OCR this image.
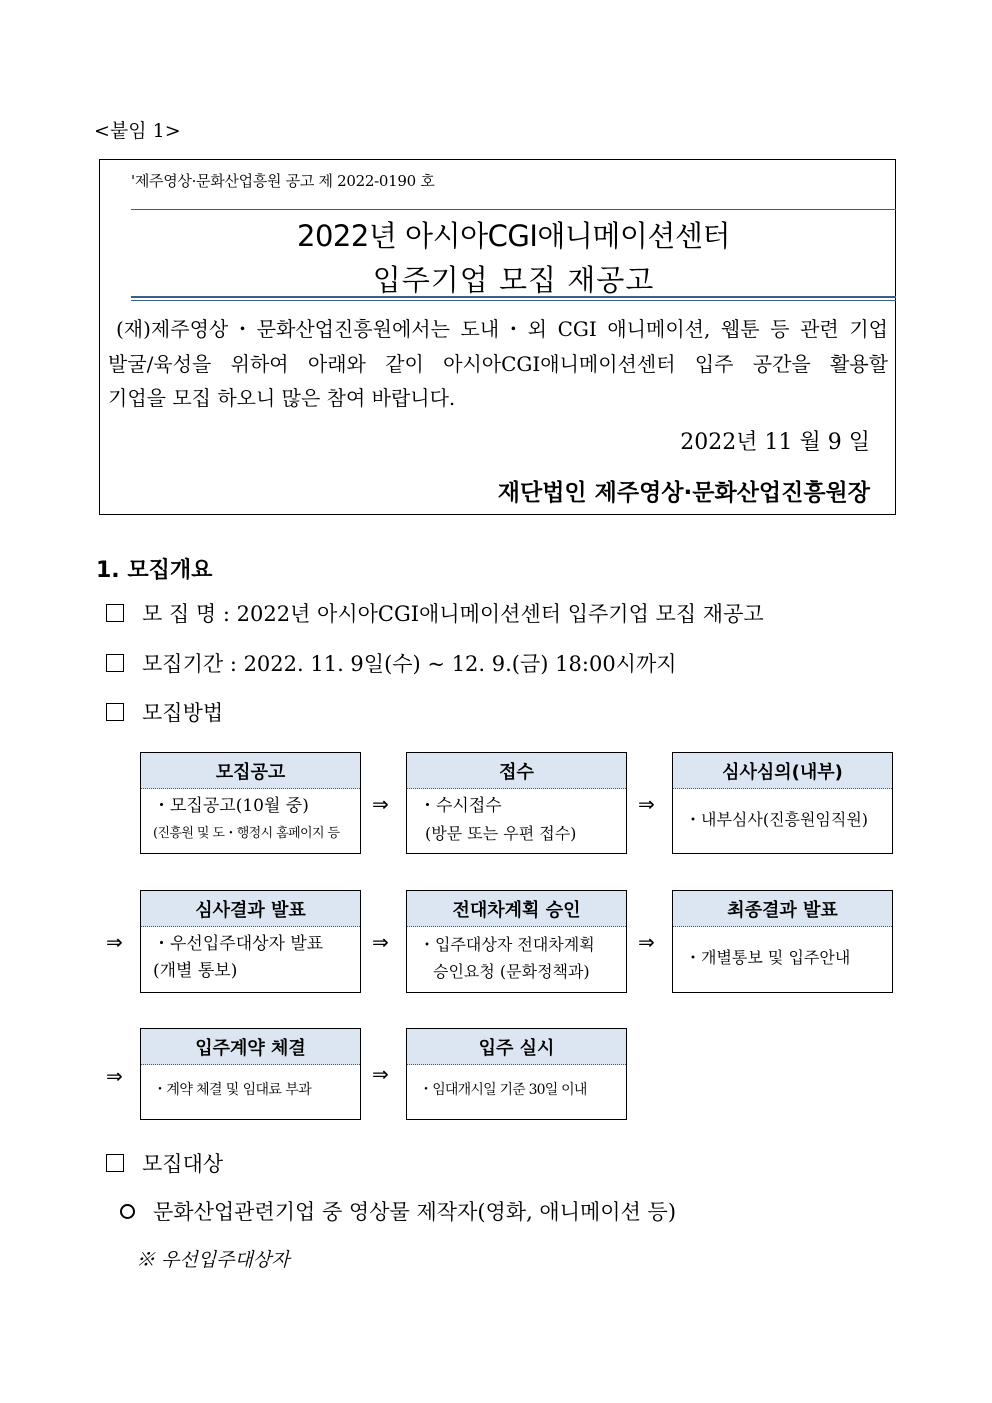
<붙임 1>
'제주영상·문화산업흥원 공고 제 2022-0190 호
2022년 아시아CGI애니메이션센터
입주기업 모집 재공고
(재)제주영상・문화산업진흥원에서는 도내・외 CGI 애니메이션, 웹툰 등 관련 기업
발굴/육성을 위하여 아래와 같이 아시아CGI애니메이션센터 입주 공간을 활용할
기업을 모집 하오니 많은 참여 바랍니다.
2022년 11 월 9 일
재단법인 제주영상·문화산업진흥원장
1. 모집개요
모 집 명 : 2022년 아시아CGI애니메이션센터 입주기업 모집 재공고
모집기간 : 2022. 11. 9일(수) ~ 12. 9.(금) 18:00시까지
모집방법
모집공고
・모집공고(10월 중)
(진흥원 및 도・행정시 홈페이지 등
⇒
접수
・수시접수
(방문 또는 우편 접수)
⇒
심사심의(내부)
・내부심사(진흥원임직원)
⇒
심사결과 발표
・우선입주대상자 발표
(개별 통보)
⇒
전대차계획 승인
・입주대상자 전대차계획
승인요청 (문화정책과)
⇒
최종결과 발표
・개별통보 및 입주안내
⇒
입주계약 체결
・계약 체결 및 임대료 부과
⇒
입주 실시
・임대개시일 기준 30일 이내
모집대상
문화산업관련기업 중 영상물 제작자(영화, 애니메이션 등)
※ 우선입주대상자
